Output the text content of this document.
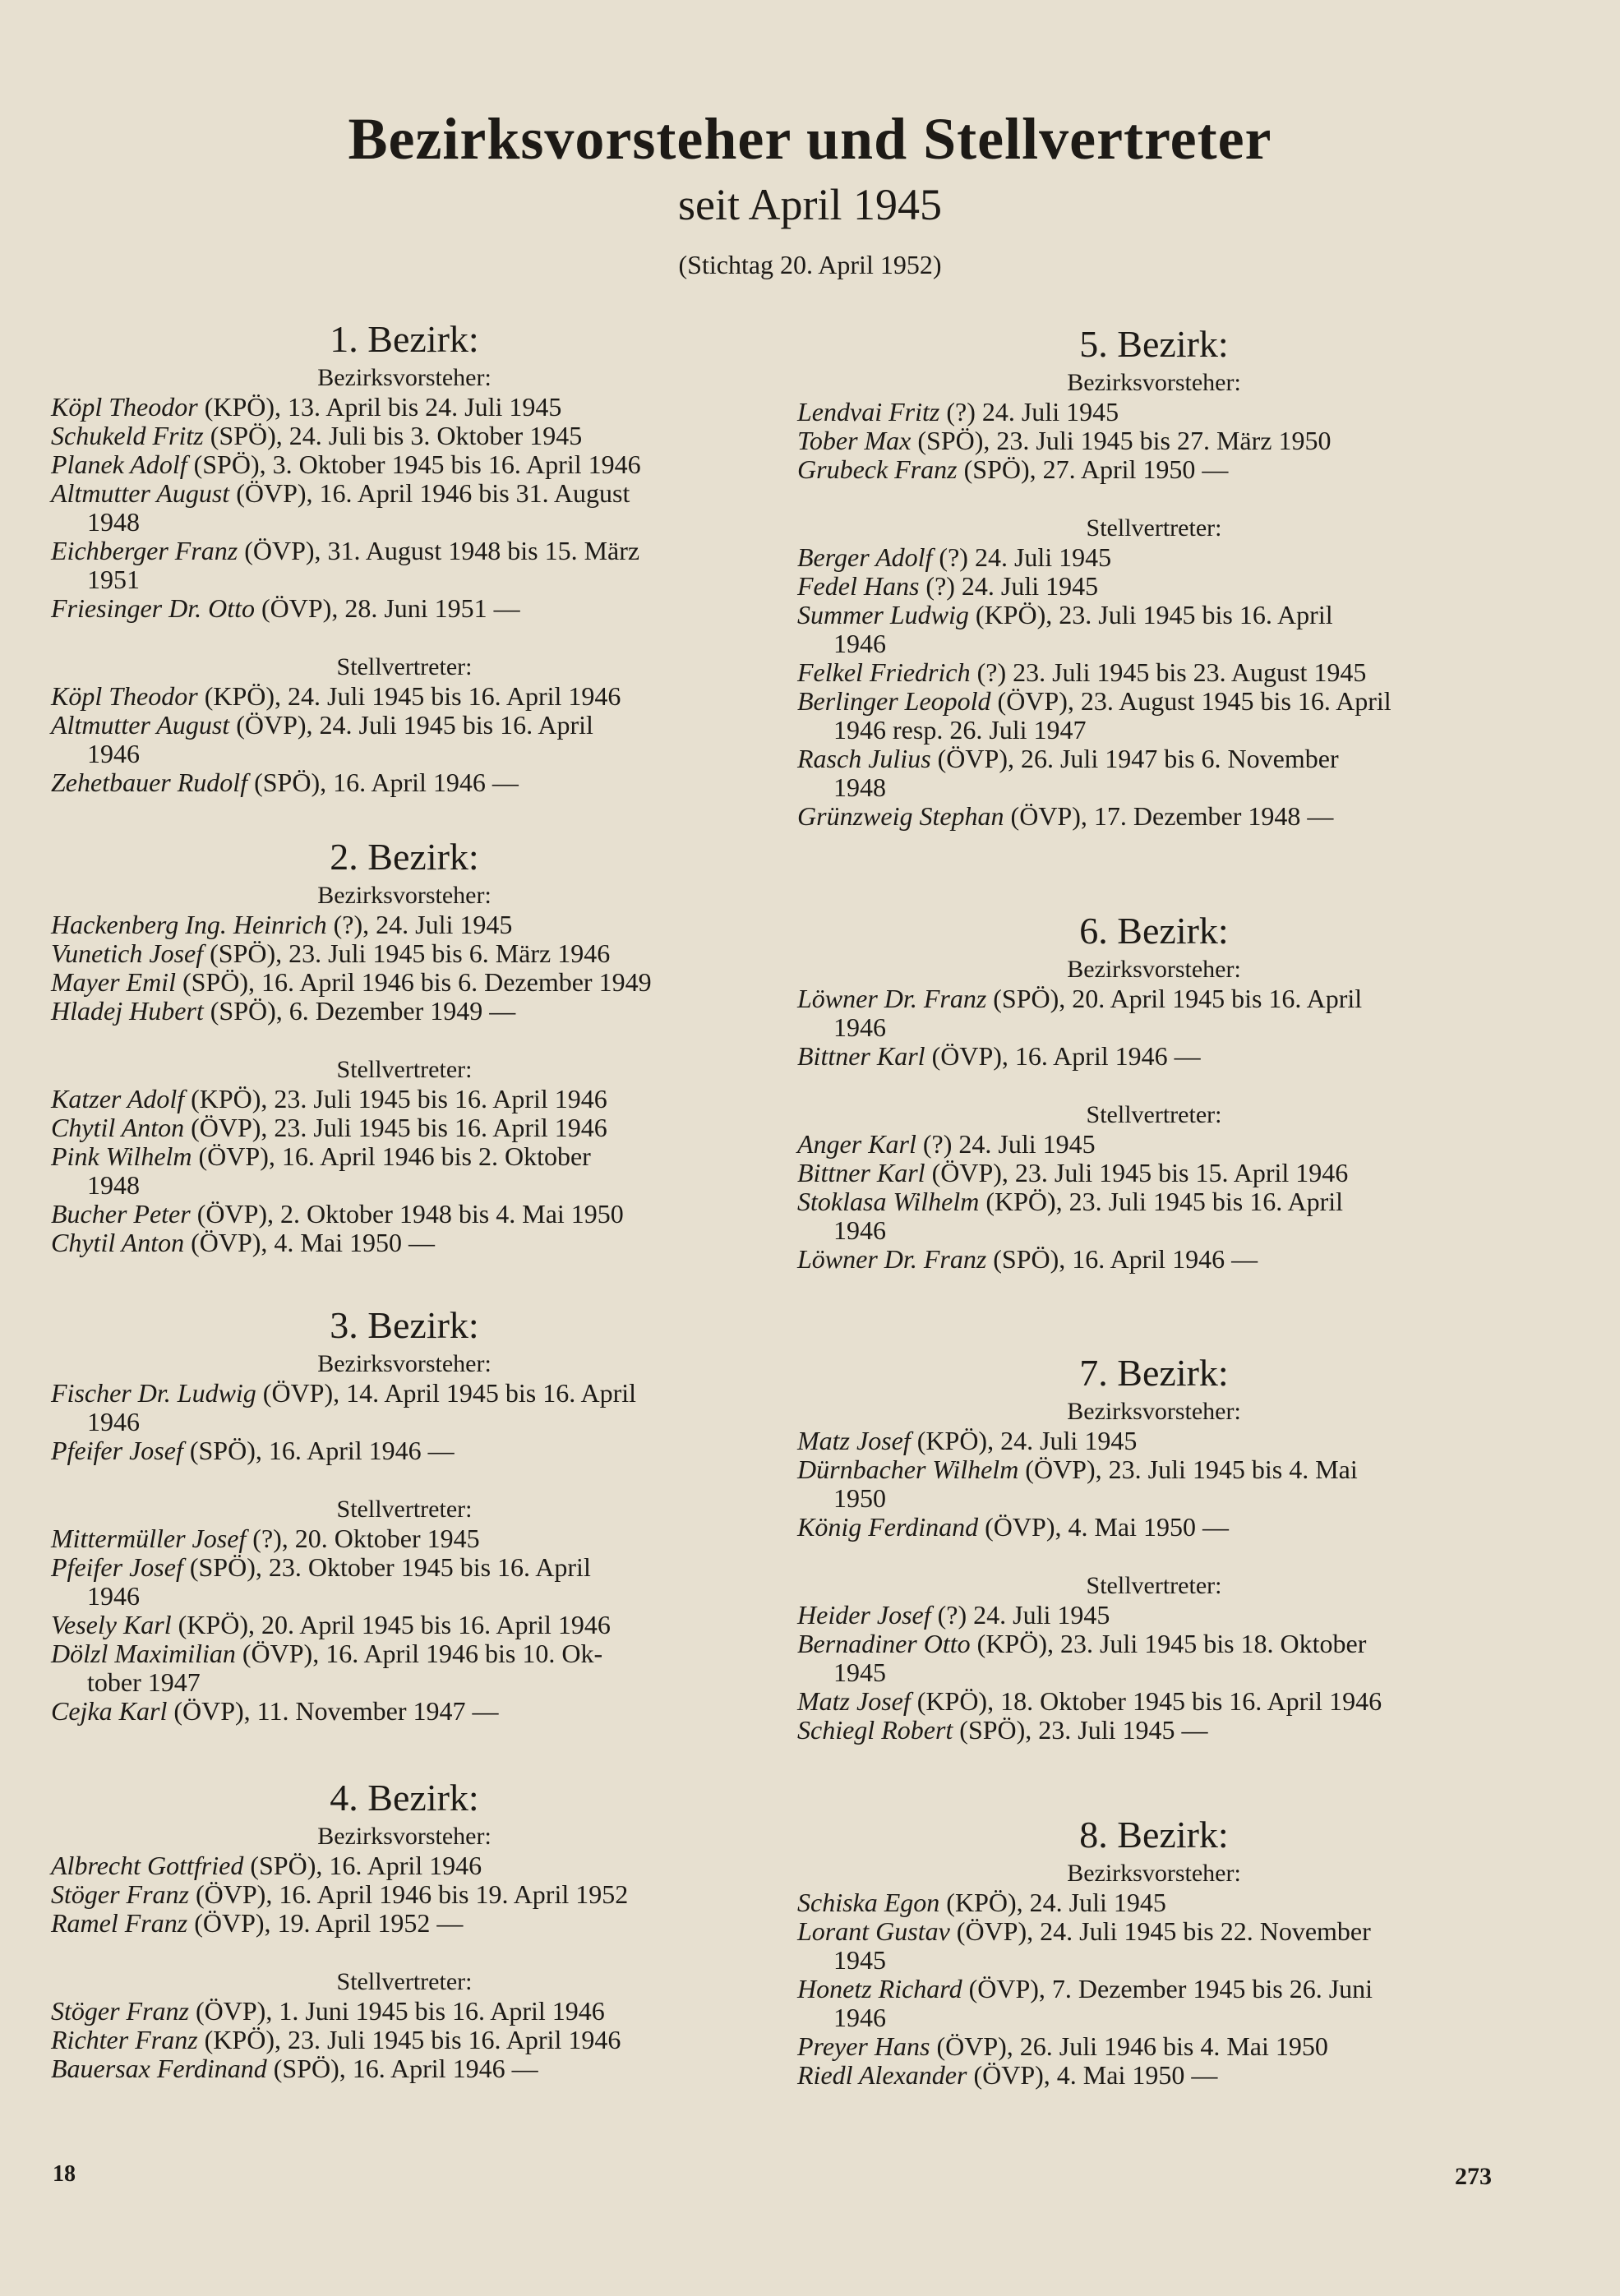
Bezirksvorsteher und Stellvertreter
seit April 1945
(Stichtag 20. April 1952)
1. Bezirk:
Bezirksvorsteher:
Köpl Theodor (KPÖ), 13. April bis 24. Juli 1945
Schukeld Fritz (SPÖ), 24. Juli bis 3. Oktober 1945
Planek Adolf (SPÖ), 3. Oktober 1945 bis 16. April 1946
Altmutter August (ÖVP), 16. April 1946 bis 31. August
1948
Eichberger Franz (ÖVP), 31. August 1948 bis 15. März
1951
Friesinger Dr. Otto (ÖVP), 28. Juni 1951 —
Stellvertreter:
Köpl Theodor (KPÖ), 24. Juli 1945 bis 16. April 1946
Altmutter August (ÖVP), 24. Juli 1945 bis 16. April
1946
Zehetbauer Rudolf (SPÖ), 16. April 1946 —
2. Bezirk:
Bezirksvorsteher:
Hackenberg Ing. Heinrich (?), 24. Juli 1945
Vunetich Josef (SPÖ), 23. Juli 1945 bis 6. März 1946
Mayer Emil (SPÖ), 16. April 1946 bis 6. Dezember 1949
Hladej Hubert (SPÖ), 6. Dezember 1949 —
Stellvertreter:
Katzer Adolf (KPÖ), 23. Juli 1945 bis 16. April 1946
Chytil Anton (ÖVP), 23. Juli 1945 bis 16. April 1946
Pink Wilhelm (ÖVP), 16. April 1946 bis 2. Oktober
1948
Bucher Peter (ÖVP), 2. Oktober 1948 bis 4. Mai 1950
Chytil Anton (ÖVP), 4. Mai 1950 —
3. Bezirk:
Bezirksvorsteher:
Fischer Dr. Ludwig (ÖVP), 14. April 1945 bis 16. April
1946
Pfeifer Josef (SPÖ), 16. April 1946 —
Stellvertreter:
Mittermüller Josef (?), 20. Oktober 1945
Pfeifer Josef (SPÖ), 23. Oktober 1945 bis 16. April
1946
Vesely Karl (KPÖ), 20. April 1945 bis 16. April 1946
Dölzl Maximilian (ÖVP), 16. April 1946 bis 10. Ok-
tober 1947
Cejka Karl (ÖVP), 11. November 1947 —
4. Bezirk:
Bezirksvorsteher:
Albrecht Gottfried (SPÖ), 16. April 1946
Stöger Franz (ÖVP), 16. April 1946 bis 19. April 1952
Ramel Franz (ÖVP), 19. April 1952 —
Stellvertreter:
Stöger Franz (ÖVP), 1. Juni 1945 bis 16. April 1946
Richter Franz (KPÖ), 23. Juli 1945 bis 16. April 1946
Bauersax Ferdinand (SPÖ), 16. April 1946 —
5. Bezirk:
Bezirksvorsteher:
Lendvai Fritz (?) 24. Juli 1945
Tober Max (SPÖ), 23. Juli 1945 bis 27. März 1950
Grubeck Franz (SPÖ), 27. April 1950 —
Stellvertreter:
Berger Adolf (?) 24. Juli 1945
Fedel Hans (?) 24. Juli 1945
Summer Ludwig (KPÖ), 23. Juli 1945 bis 16. April
1946
Felkel Friedrich (?) 23. Juli 1945 bis 23. August 1945
Berlinger Leopold (ÖVP), 23. August 1945 bis 16. April
1946 resp. 26. Juli 1947
Rasch Julius (ÖVP), 26. Juli 1947 bis 6. November
1948
Grünzweig Stephan (ÖVP), 17. Dezember 1948 —
6. Bezirk:
Bezirksvorsteher:
Löwner Dr. Franz (SPÖ), 20. April 1945 bis 16. April
1946
Bittner Karl (ÖVP), 16. April 1946 —
Stellvertreter:
Anger Karl (?) 24. Juli 1945
Bittner Karl (ÖVP), 23. Juli 1945 bis 15. April 1946
Stoklasa Wilhelm (KPÖ), 23. Juli 1945 bis 16. April
1946
Löwner Dr. Franz (SPÖ), 16. April 1946 —
7. Bezirk:
Bezirksvorsteher:
Matz Josef (KPÖ), 24. Juli 1945
Dürnbacher Wilhelm (ÖVP), 23. Juli 1945 bis 4. Mai
1950
König Ferdinand (ÖVP), 4. Mai 1950 —
Stellvertreter:
Heider Josef (?) 24. Juli 1945
Bernadiner Otto (KPÖ), 23. Juli 1945 bis 18. Oktober
1945
Matz Josef (KPÖ), 18. Oktober 1945 bis 16. April 1946
Schiegl Robert (SPÖ), 23. Juli 1945 —
8. Bezirk:
Bezirksvorsteher:
Schiska Egon (KPÖ), 24. Juli 1945
Lorant Gustav (ÖVP), 24. Juli 1945 bis 22. November
1945
Honetz Richard (ÖVP), 7. Dezember 1945 bis 26. Juni
1946
Preyer Hans (ÖVP), 26. Juli 1946 bis 4. Mai 1950
Riedl Alexander (ÖVP), 4. Mai 1950 —
18	273
